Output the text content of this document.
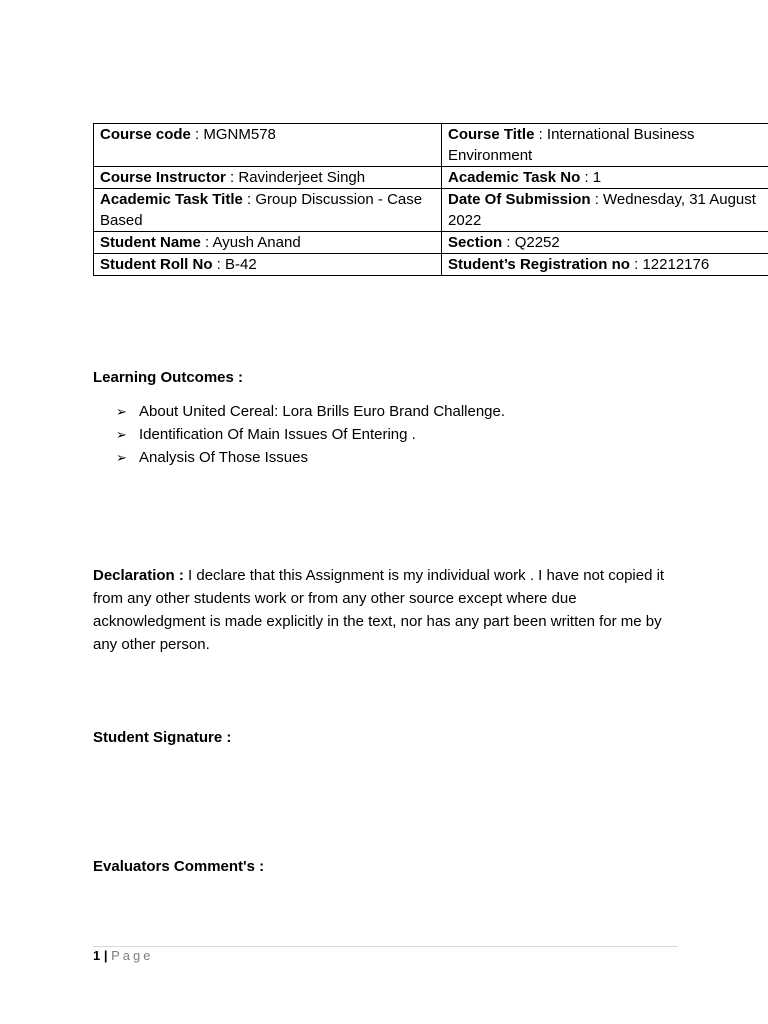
Course code : MGNM578	Course Title : International Business Environment
Course Instructor : Ravinderjeet Singh	Academic Task No : 1
Academic Task Title : Group Discussion - Case Based	Date Of Submission : Wednesday, 31 August 2022
Student Name : Ayush Anand	Section : Q2252
Student Roll No : B-42	Student’s Registration no : 12212176
Learning Outcomes :
➢ About United Cereal: Lora Brills Euro Brand Challenge.
➢ Identification Of Main Issues Of Entering .
➢ Analysis Of Those Issues
Declaration : I declare that this Assignment is my individual work . I have not copied it from any other students work or from any other source except where due acknowledgment is made explicitly in the text, nor has any part been written for me by any other person.
Student Signature :
Evaluators Comment's :
1 | Page
